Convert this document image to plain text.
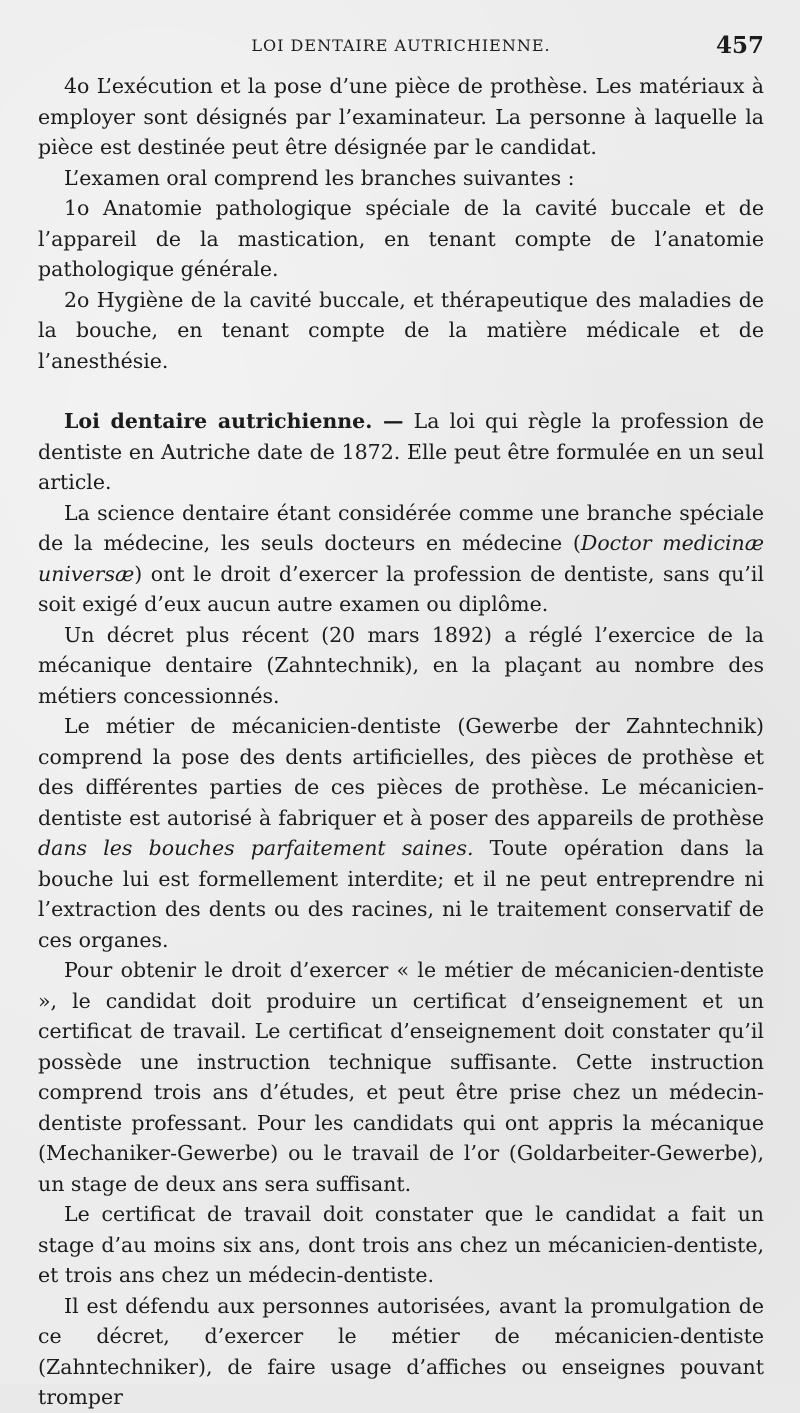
LOI DENTAIRE AUTRICHIENNE.	457

4o L’exécution et la pose d’une pièce de prothèse. Les matériaux à employer sont désignés par l’examinateur. La personne à laquelle la pièce est destinée peut être désignée par le candidat.

L’examen oral comprend les branches suivantes :

1o Anatomie pathologique spéciale de la cavité buccale et de l’appareil de la mastication, en tenant compte de l’anatomie pathologique générale.

2o Hygiène de la cavité buccale, et thérapeutique des maladies de la bouche, en tenant compte de la matière médicale et de l’anesthésie.

Loi dentaire autrichienne. — La loi qui règle la profession de dentiste en Autriche date de 1872. Elle peut être formulée en un seul article.

La science dentaire étant considérée comme une branche spéciale de la médecine, les seuls docteurs en médecine (Doctor medicinæ universæ) ont le droit d’exercer la profession de dentiste, sans qu’il soit exigé d’eux aucun autre examen ou diplôme.

Un décret plus récent (20 mars 1892) a réglé l’exercice de la mécanique dentaire (Zahntechnik), en la plaçant au nombre des métiers concessionnés.

Le métier de mécanicien-dentiste (Gewerbe der Zahntechnik) comprend la pose des dents artificielles, des pièces de prothèse et des différentes parties de ces pièces de prothèse. Le mécanicien-dentiste est autorisé à fabriquer et à poser des appareils de prothèse dans les bouches parfaitement saines. Toute opération dans la bouche lui est formellement interdite; et il ne peut entreprendre ni l’extraction des dents ou des racines, ni le traitement conservatif de ces organes.

Pour obtenir le droit d’exercer « le métier de mécanicien-dentiste », le candidat doit produire un certificat d’enseignement et un certificat de travail. Le certificat d’enseignement doit constater qu’il possède une instruction technique suffisante. Cette instruction comprend trois ans d’études, et peut être prise chez un médecin-dentiste professant. Pour les candidats qui ont appris la mécanique (Mechaniker-Gewerbe) ou le travail de l’or (Goldarbeiter-Gewerbe), un stage de deux ans sera suffisant.

Le certificat de travail doit constater que le candidat a fait un stage d’au moins six ans, dont trois ans chez un mécanicien-dentiste, et trois ans chez un médecin-dentiste.

Il est défendu aux personnes autorisées, avant la promulgation de ce décret, d’exercer le métier de mécanicien-dentiste (Zahntechniker), de faire usage d’affiches ou enseignes pouvant tromper
